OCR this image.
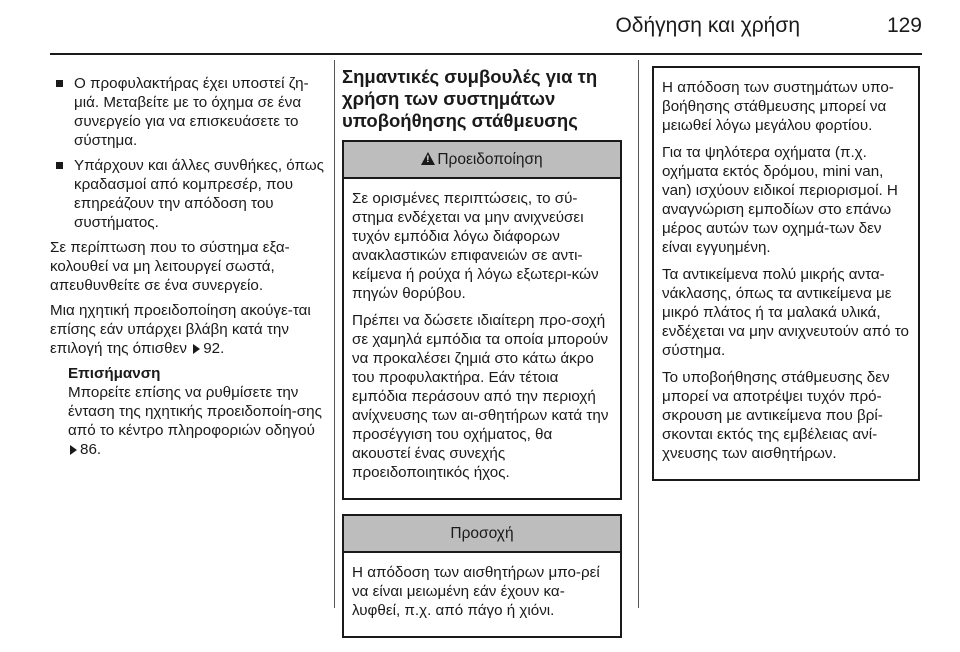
Οδήγηση και χρήση	129
Ο προφυλακτήρας έχει υποστεί ζη-μιά. Μεταβείτε με το όχημα σε ένα συνεργείο για να επισκευάσετε το σύστημα.
Υπάρχουν και άλλες συνθήκες, όπως κραδασμοί από κομπρεσέρ, που επηρεάζουν την απόδοση του συστήματος.

Σε περίπτωση που το σύστημα εξα-κολουθεί να μη λειτουργεί σωστά, απευθυνθείτε σε ένα συνεργείο.

Μια ηχητική προειδοποίηση ακούγε-ται επίσης εάν υπάρχει βλάβη κατά την επιλογή της όπισθεν 92.

Επισήμανση
Μπορείτε επίσης να ρυθμίσετε την ένταση της ηχητικής προειδοποίη-σης από το κέντρο πληροφοριών οδηγού 86.
Σημαντικές συμβουλές για τη χρήση των συστημάτων υποβοήθησης στάθμευσης
!Προειδοποίηση

Σε ορισμένες περιπτώσεις, το σύ-στημα ενδέχεται να μην ανιχνεύσει τυχόν εμπόδια λόγω διάφορων ανακλαστικών επιφανειών σε αντι-κείμενα ή ρούχα ή λόγω εξωτερι-κών πηγών θορύβου.

Πρέπει να δώσετε ιδιαίτερη προ-σοχή σε χαμηλά εμπόδια τα οποία μπορούν να προκαλέσει ζημιά στο κάτω άκρο του προφυλακτήρα. Εάν τέτοια εμπόδια περάσουν από την περιοχή ανίχνευσης των αι-σθητήρων κατά την προσέγγιση του οχήματος, θα ακουστεί ένας συνεχής προειδοποιητικός ήχος.

Προσοχή

Η απόδοση των αισθητήρων μπο-ρεί να είναι μειωμένη εάν έχουν κα-λυφθεί, π.χ. από πάγο ή χιόνι.

Η απόδοση των συστημάτων υπο-βοήθησης στάθμευσης μπορεί να μειωθεί λόγω μεγάλου φορτίου.

Για τα ψηλότερα οχήματα (π.χ. οχήματα εκτός δρόμου, mini van, van) ισχύουν ειδικοί περιορισμοί. Η αναγνώριση εμποδίων στο επάνω μέρος αυτών των οχημά-των δεν είναι εγγυημένη.

Τα αντικείμενα πολύ μικρής αντα-νάκλασης, όπως τα αντικείμενα με μικρό πλάτος ή τα μαλακά υλικά, ενδέχεται να μην ανιχνευτούν από το σύστημα.

Το υποβοήθησης στάθμευσης δεν μπορεί να αποτρέψει τυχόν πρό-σκρουση με αντικείμενα που βρί-σκονται εκτός της εμβέλειας ανί-χνευσης των αισθητήρων.
